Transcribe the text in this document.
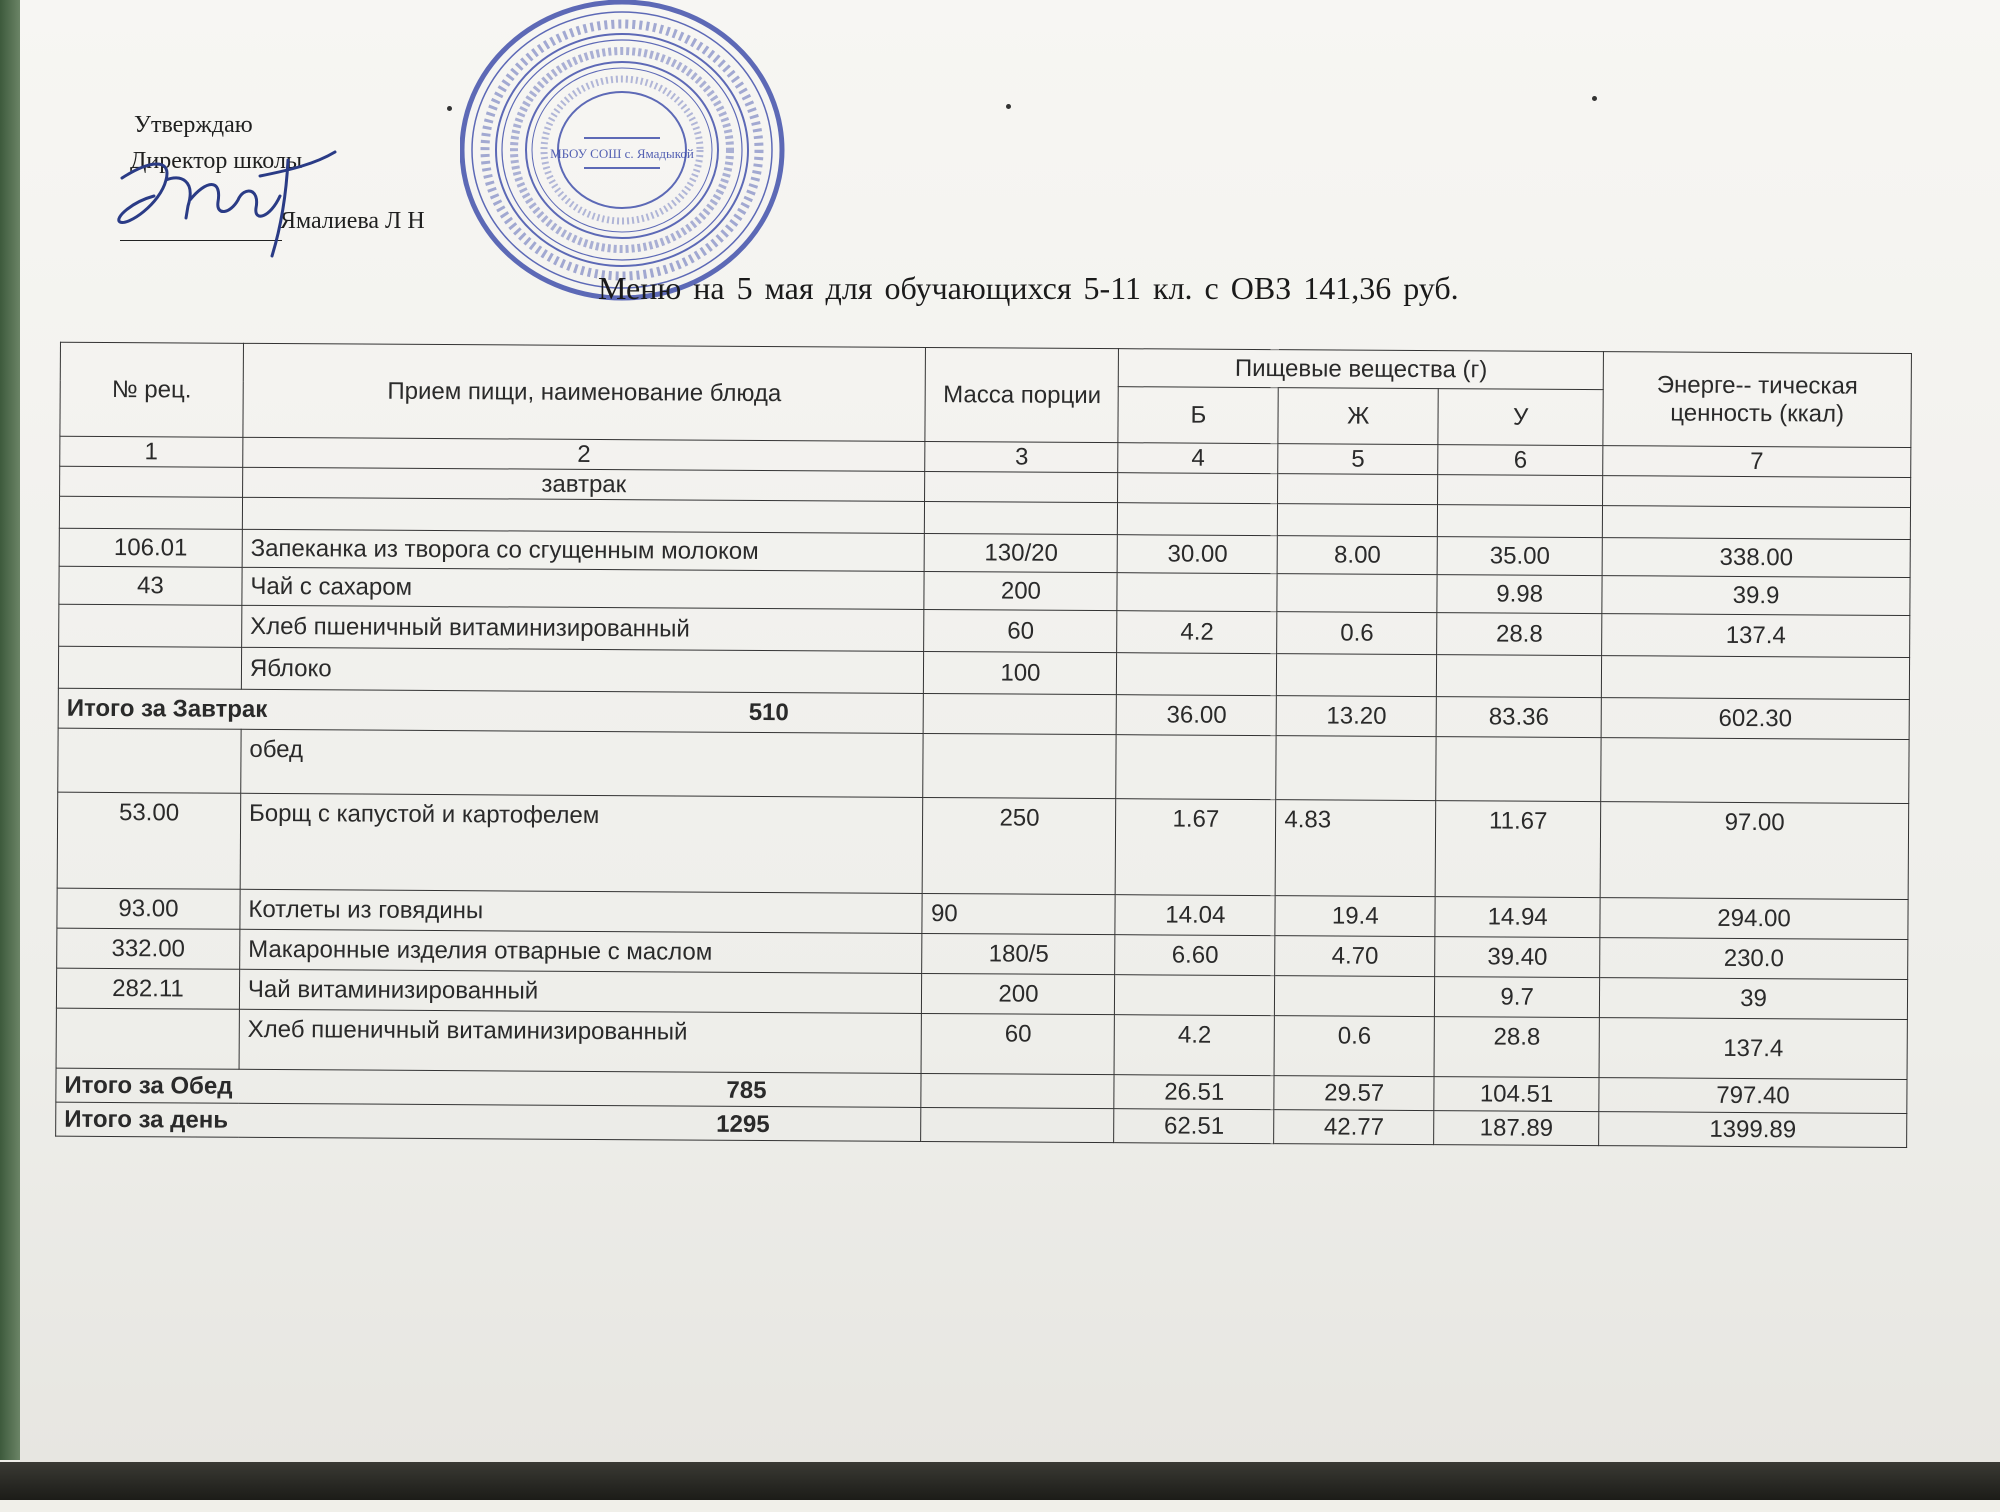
Утверждаю
Директор школы
Ямалиева Л Н
МБОУ СОШ с. Ямадыкой
Меню на 5 мая для обучающихся 5-11 кл. с ОВЗ 141,36 руб.
№ рец.	Прием пищи, наименование блюда	Масса порции	Пищевые вещества (г)			Энерге-- тическая ценность (ккал)
			Б	Ж	У	
1	2	3	4	5	6	7
	завтрак					

106.01	Запеканка из творога со сгущенным молоком	130/20	30.00	8.00	35.00	338.00
43	Чай с сахаром	200			9.98	39.9
	Хлеб пшеничный витаминизированный	60	4.2	0.6	28.8	137.4
	Яблоко	100				
Итого за Завтрак 510			36.00	13.20	83.36	602.30
	обед					
53.00	Борщ с капустой и картофелем	250	1.67	4.83	11.67	97.00
93.00	Котлеты из говядины	90	14.04	19.4	14.94	294.00
332.00	Макаронные изделия отварные с маслом	180/5	6.60	4.70	39.40	230.0
282.11	Чай витаминизированный	200			9.7	39
	Хлеб пшеничный витаминизированный	60	4.2	0.6	28.8	137.4
Итого за Обед 785			26.51	29.57	104.51	797.40
Итого за день 1295			62.51	42.77	187.89	1399.89
